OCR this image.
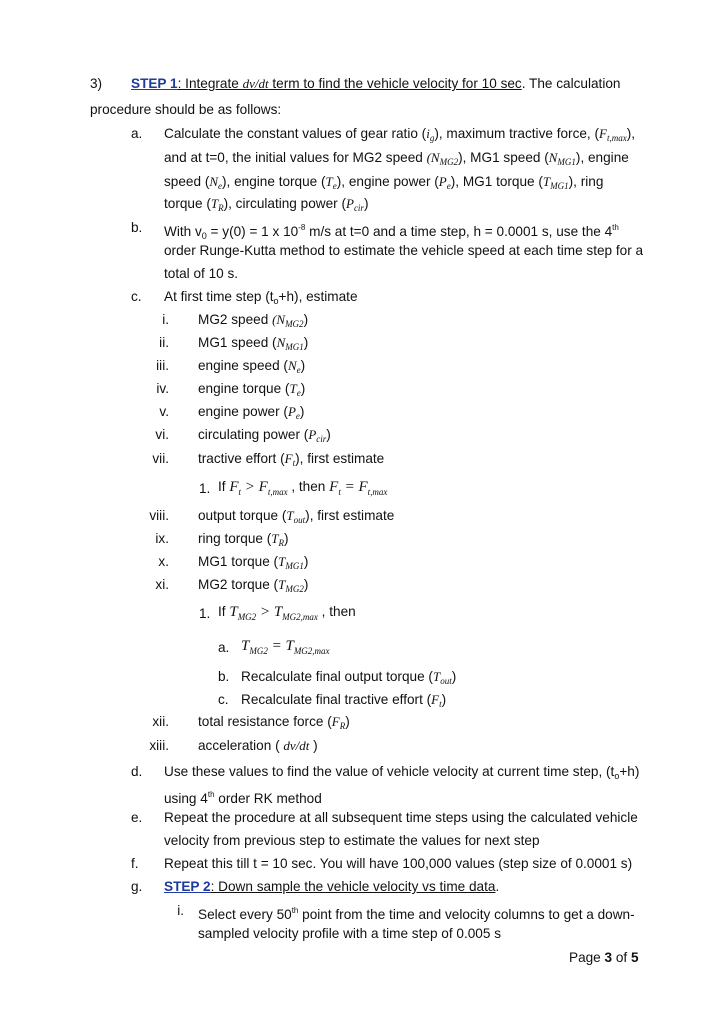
3) STEP 1: Integrate dv/dt term to find the vehicle velocity for 10 sec. The calculation
procedure should be as follows:
a. Calculate the constant values of gear ratio $(i_g)$, maximum tractive force, $(F_{t,max})$,
and at t=0, the initial values for MG2 speed $(N_{MG2})$, MG1 speed $(N_{MG1})$, engine
speed $(N_e)$, engine torque $(T_e)$, engine power $(P_e)$, MG1 torque $(T_{MG1})$, ring
torque $(T_R)$, circulating power $(P_{cir})$
b. With $v_0 = y(0) = 1$ x $10^{-8}$ m/s at t=0 and a time step, h = 0.0001 s, use the 4th
order Runge-Kutta method to estimate the vehicle speed at each time step for a
total of 10 s.
c. At first time step $(t_o+h)$, estimate
i. MG2 speed $(N_{MG2})$
ii. MG1 speed $(N_{MG1})$
iii. engine speed $(N_e)$
iv. engine torque $(T_e)$
v. engine power $(P_e)$
vi. circulating power $(P_{cir})$
vii. tractive effort $(F_t)$, first estimate
viii. output torque $(T_{out})$, first estimate
ix. ring torque $(T_R)$
x. MG1 torque $(T_{MG1})$
xi. MG2 torque $(T_{MG2})$
xii. total resistance force $(F_R)$
xiii. acceleration ( dv/dt )
1. If $F_t > F_{t,max}$ , then $F_t = F_{t,max}$
1. If $T_{MG2} > T_{MG2,max}$ , then
a. $T_{MG2} = T_{MG2,max}$
b. Recalculate final output torque $(T_{out})$
c. Recalculate final tractive effort $(F_t)$
d. Use these values to find the value of vehicle velocity at current time step, $(t_o+h)$
using 4th order RK method
e. Repeat the procedure at all subsequent time steps using the calculated vehicle
velocity from previous step to estimate the values for next step
f. Repeat this till t = 10 sec. You will have 100,000 values (step size of 0.0001 s)
g. STEP 2: Down sample the vehicle velocity vs time data.
i. Select every 50th point from the time and velocity columns to get a down-
sampled velocity profile with a time step of 0.005 s
Page 3 of 5
